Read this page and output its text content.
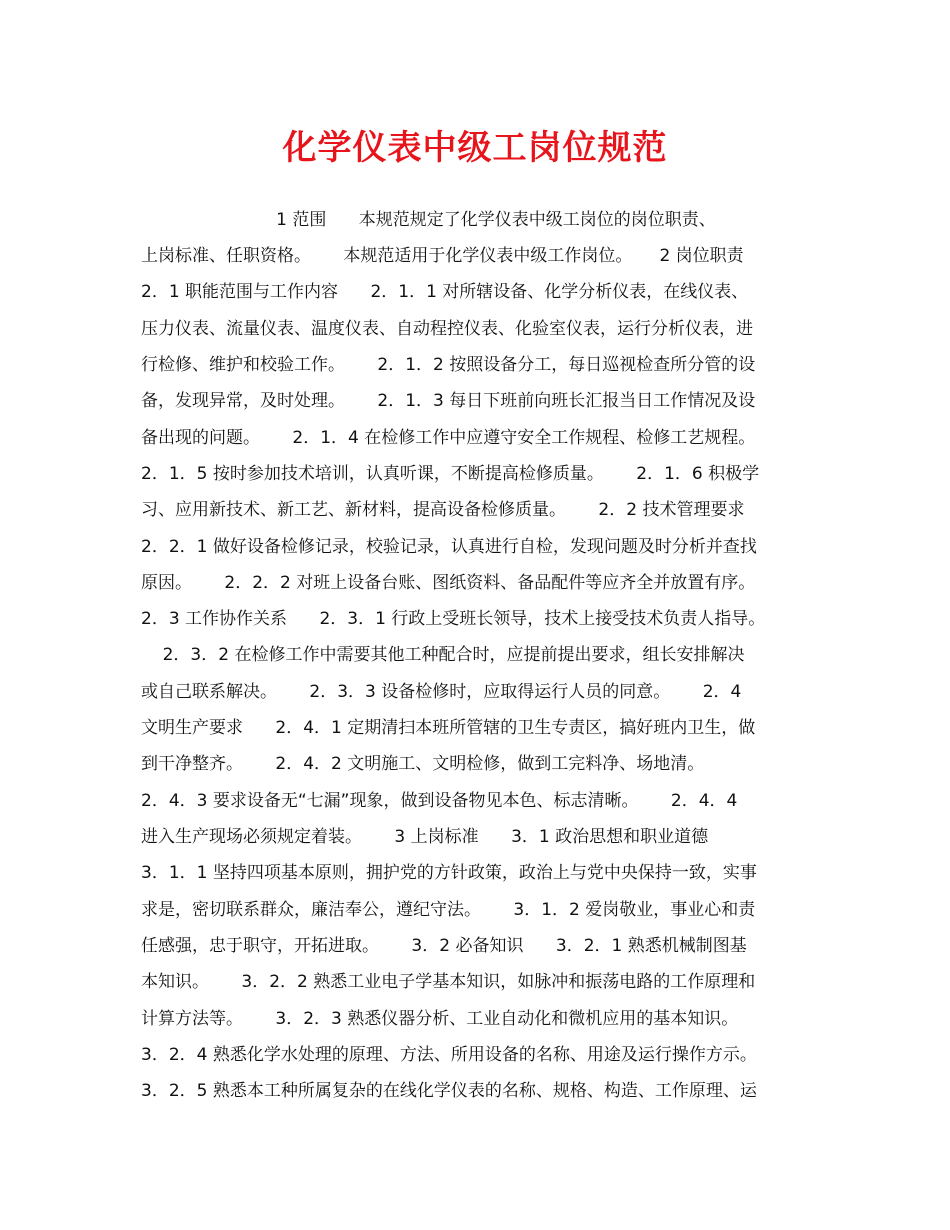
化学仪表中级工岗位规范
1 范围      本规范规定了化学仪表中级工岗位的岗位职责、
上岗标准、任职资格。      本规范适用于化学仪表中级工作岗位。     2 岗位职责
2．1 职能范围与工作内容      2．1．1 对所辖设备、化学分析仪表，在线仪表、
压力仪表、流量仪表、温度仪表、自动程控仪表、化验室仪表，运行分析仪表，进
行检修、维护和校验工作。      2．1．2 按照设备分工，每日巡视检查所分管的设
备，发现异常，及时处理。      2．1．3 每日下班前向班长汇报当日工作情况及设
备出现的问题。      2．1．4 在检修工作中应遵守安全工作规程、检修工艺规程。
2．1．5 按时参加技术培训，认真听课，不断提高检修质量。      2．1．6 积极学
习、应用新技术、新工艺、新材料，提高设备检修质量。      2．2 技术管理要求
2．2．1 做好设备检修记录，校验记录，认真进行自检，发现问题及时分析并查找
原因。      2．2．2 对班上设备台账、图纸资料、备品配件等应齐全并放置有序。
2．3 工作协作关系      2．3．1 行政上受班长领导，技术上接受技术负责人指导。
2．3．2 在检修工作中需要其他工种配合时，应提前提出要求，组长安排解决
或自己联系解决。      2．3．3 设备检修时，应取得运行人员的同意。      2．4
文明生产要求      2．4．1 定期清扫本班所管辖的卫生专责区，搞好班内卫生，做
到干净整齐。      2．4．2 文明施工、文明检修，做到工完料净、场地清。
2．4．3 要求设备无“七漏”现象，做到设备物见本色、标志清晰。      2．4．4
进入生产现场必须规定着装。      3 上岗标准      3．1 政治思想和职业道德
3．1．1 坚持四项基本原则，拥护党的方针政策，政治上与党中央保持一致，实事
求是，密切联系群众，廉洁奉公，遵纪守法。      3．1．2 爱岗敬业，事业心和责
任感强，忠于职守，开拓进取。      3．2 必备知识      3．2．1 熟悉机械制图基
本知识。      3．2．2 熟悉工业电子学基本知识，如脉冲和振荡电路的工作原理和
计算方法等。      3．2．3 熟悉仪器分析、工业自动化和微机应用的基本知识。
3．2．4 熟悉化学水处理的原理、方法、所用设备的名称、用途及运行操作方示。
3．2．5 熟悉本工种所属复杂的在线化学仪表的名称、规格、构造、工作原理、运
